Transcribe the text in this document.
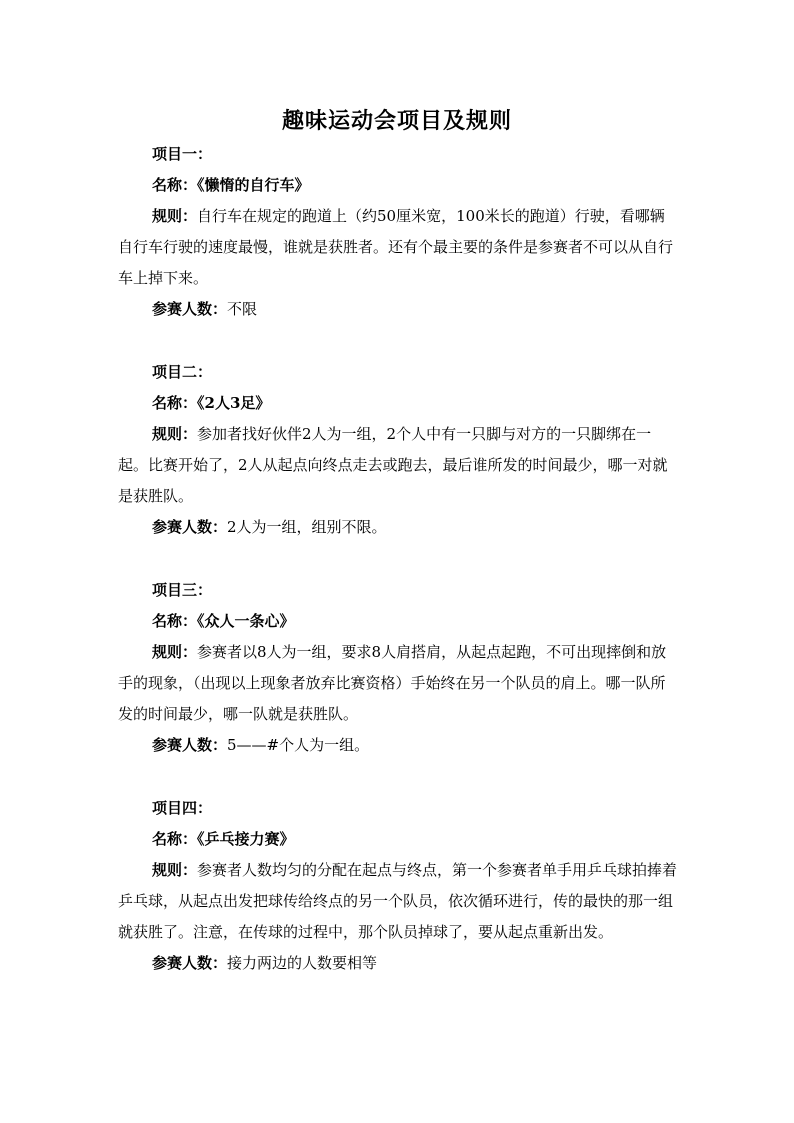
趣味运动会项目及规则
项目一：
名称：《懒惰的自行车》
规则：自行车在规定的跑道上（约50厘米宽，100米长的跑道）行驶，看哪辆自行车行驶的速度最慢，谁就是获胜者。还有个最主要的条件是参赛者不可以从自行车上掉下来。
参赛人数：不限
项目二：
名称：《2人3足》
规则：参加者找好伙伴2人为一组，2个人中有一只脚与对方的一只脚绑在一起。比赛开始了，2人从起点向终点走去或跑去，最后谁所发的时间最少，哪一对就是获胜队。
参赛人数：2人为一组，组别不限。
项目三：
名称：《众人一条心》
规则：参赛者以8人为一组，要求8人肩搭肩，从起点起跑，不可出现摔倒和放手的现象，（出现以上现象者放弃比赛资格）手始终在另一个队员的肩上。哪一队所发的时间最少，哪一队就是获胜队。
参赛人数：5——#个人为一组。
项目四：
名称：《乒乓接力赛》
规则：参赛者人数均匀的分配在起点与终点，第一个参赛者单手用乒乓球拍捧着乒乓球，从起点出发把球传给终点的另一个队员，依次循环进行，传的最快的那一组就获胜了。注意，在传球的过程中，那个队员掉球了，要从起点重新出发。
参赛人数：接力两边的人数要相等
